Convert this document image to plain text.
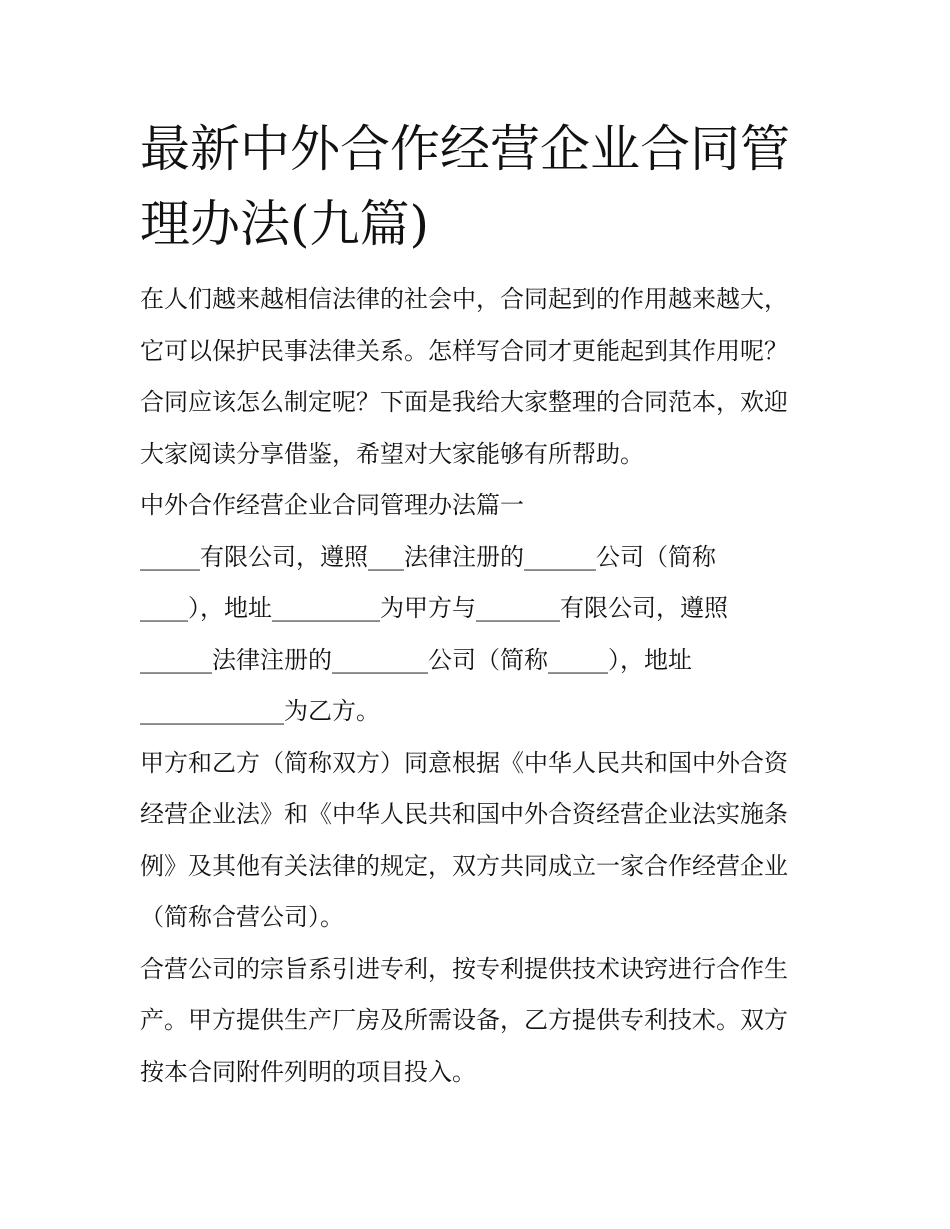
最新中外合作经营企业合同管
理办法(九篇)
在人们越来越相信法律的社会中，合同起到的作用越来越大，
它可以保护民事法律关系。怎样写合同才更能起到其作用呢？
合同应该怎么制定呢？下面是我给大家整理的合同范本，欢迎
大家阅读分享借鉴，希望对大家能够有所帮助。
中外合作经营企业合同管理办法篇一
_____有限公司，遵照___法律注册的______公司（简称
____），地址_________为甲方与_______有限公司，遵照
______法律注册的________公司（简称_____），地址
____________为乙方。
甲方和乙方（简称双方）同意根据《中华人民共和国中外合资
经营企业法》和《中华人民共和国中外合资经营企业法实施条
例》及其他有关法律的规定，双方共同成立一家合作经营企业
（简称合营公司）。
合营公司的宗旨系引进专利，按专利提供技术诀窍进行合作生
产。甲方提供生产厂房及所需设备，乙方提供专利技术。双方
按本合同附件列明的项目投入。
